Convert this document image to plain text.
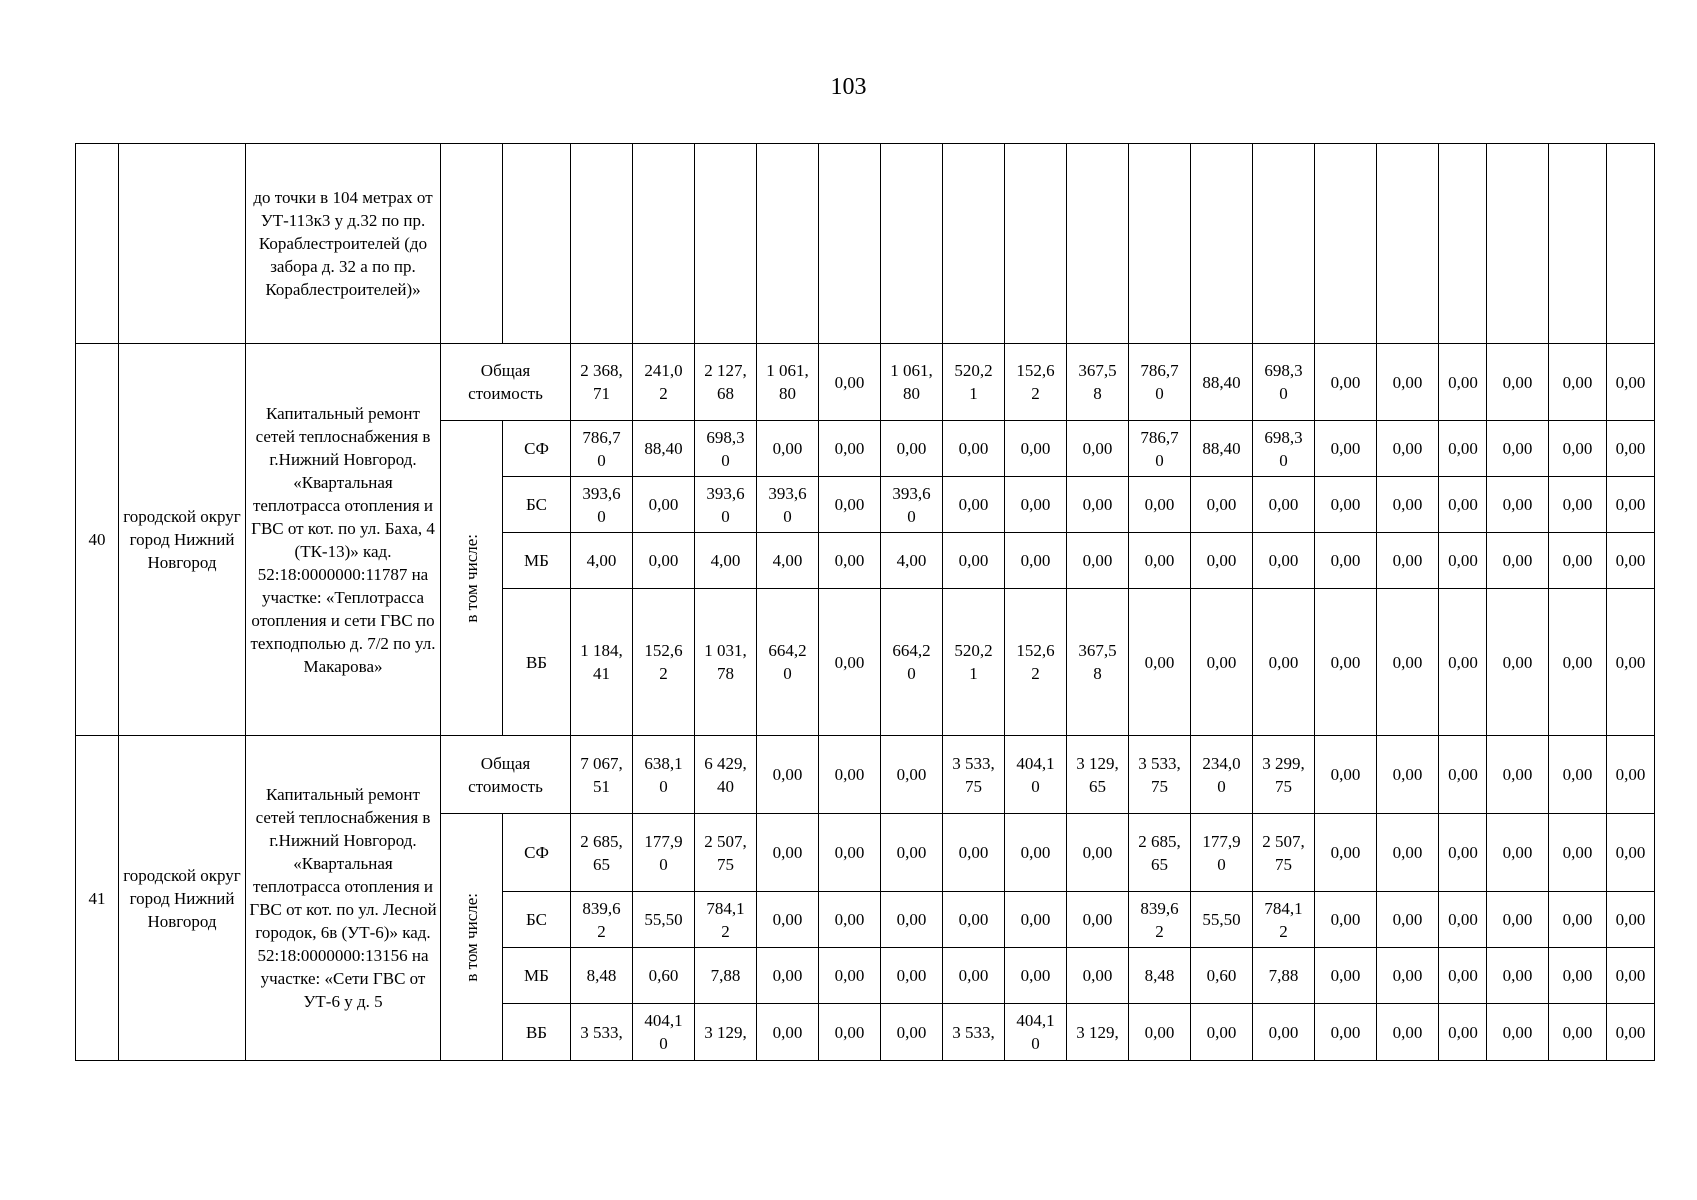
103
		до точки в 104 метрах от УТ-113к3 у д.32 по пр. Кораблестроителей (до забора д. 32 а по пр. Кораблестроителей)»																				
40	городской округ город Нижний Новгород	Капитальный ремонт сетей теплоснабжения в г.Нижний Новгород. «Квартальная теплотрасса отопления и ГВС от кот. по ул. Баха, 4 (ТК-13)» кад. 52:18:0000000:11787 на участке: «Теплотрасса отопления и сети ГВС по техподполью д. 7/2 по ул. Макарова»	Общая стоимость		2 368,71	241,02	2 127,68	1 061,80	0,00	1 061,80	520,21	152,62	367,58	786,70	88,40	698,30	0,00	0,00	0,00	0,00	0,00	0,00

			в том числе:	СФ	786,70	88,40	698,30	0,00	0,00	0,00	0,00	0,00	0,00	786,70	88,40	698,30	0,00	0,00	0,00	0,00	0,00	0,00
				БС	393,60	0,00	393,60	393,60	0,00	393,60	0,00	0,00	0,00	0,00	0,00	0,00	0,00	0,00	0,00	0,00	0,00	0,00
				МБ	4,00	0,00	4,00	4,00	0,00	4,00	0,00	0,00	0,00	0,00	0,00	0,00	0,00	0,00	0,00	0,00	0,00	0,00
				ВБ	1 184,41	152,62	1 031,78	664,20	0,00	664,20	520,21	152,62	367,58	0,00	0,00	0,00	0,00	0,00	0,00	0,00	0,00	0,00
41	городской округ город Нижний Новгород	Капитальный ремонт сетей теплоснабжения в г.Нижний Новгород. «Квартальная теплотрасса отопления и ГВС от кот. по ул. Лесной городок, 6в (УТ-6)» кад. 52:18:0000000:13156 на участке: «Сети ГВС от УТ-6 у д. 5	Общая стоимость		7 067,51	638,10	6 429,40	0,00	0,00	0,00	3 533,75	404,10	3 129,65	3 533,75	234,00	3 299,75	0,00	0,00	0,00	0,00	0,00	0,00

			в том числе:	СФ	2 685,65	177,90	2 507,75	0,00	0,00	0,00	0,00	0,00	0,00	2 685,65	177,90	2 507,75	0,00	0,00	0,00	0,00	0,00	0,00
				БС	839,62	55,50	784,12	0,00	0,00	0,00	0,00	0,00	0,00	839,62	55,50	784,12	0,00	0,00	0,00	0,00	0,00	0,00
				МБ	8,48	0,60	7,88	0,00	0,00	0,00	0,00	0,00	0,00	8,48	0,60	7,88	0,00	0,00	0,00	0,00	0,00	0,00
				ВБ	3 533,	404,10	3 129,	0,00	0,00	0,00	3 533,	404,10	3 129,	0,00	0,00	0,00	0,00	0,00	0,00	0,00	0,00	0,00
